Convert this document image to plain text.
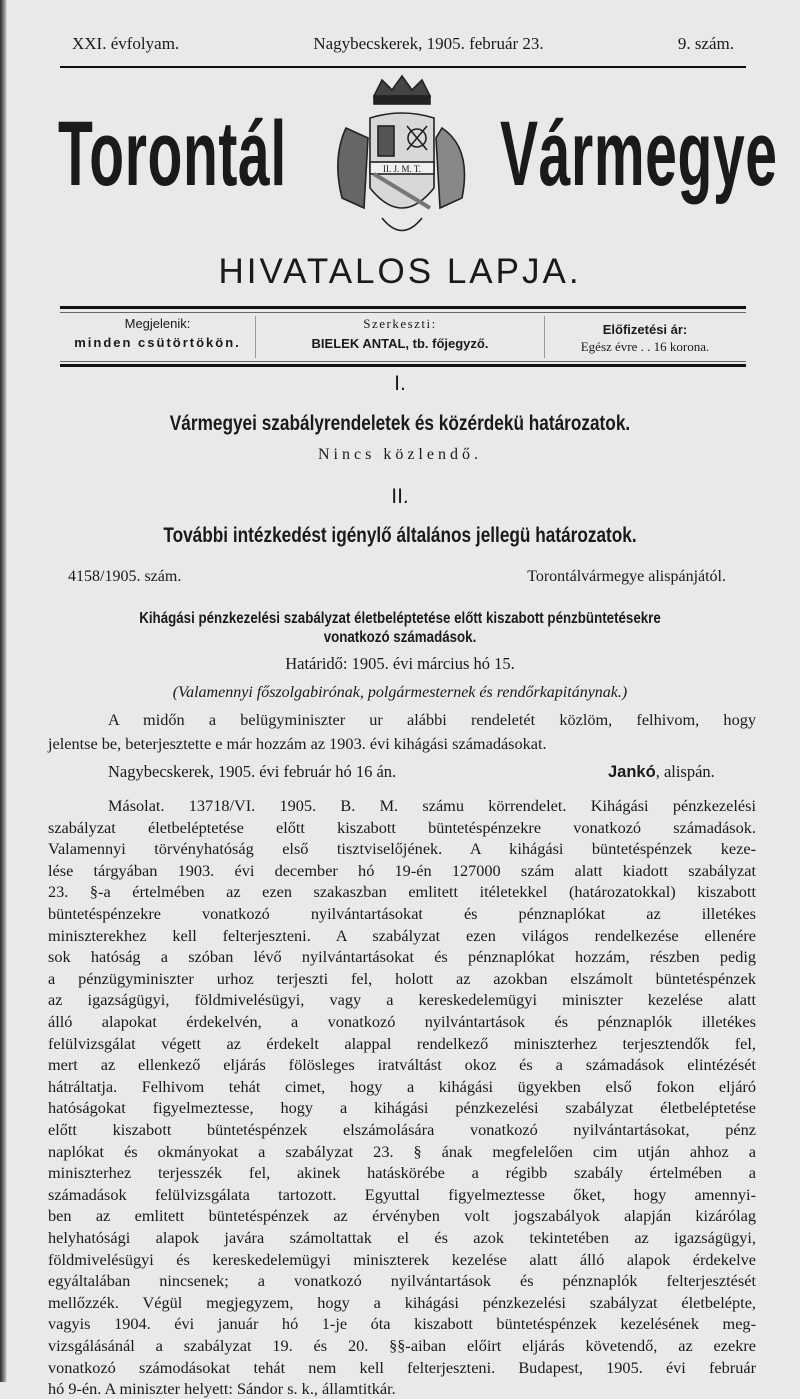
XXI. évfolyam.	Nagybecskerek, 1905. február 23.	9. szám.
Torontál Vármegye
II. J. M. T.
HIVATALOS LAPJA.
Megjelenik:
minden csütörtökön.
Szerkeszti:
BIELEK ANTAL, tb. főjegyző.
Előfizetési ár:
Egész évre . . 16 korona.
I.
Vármegyei szabályrendeletek és közérdekü határozatok.
Nincs közlendő.
II.
További intézkedést igénylő általános jellegü határozatok.
4158/1905. szám.	Torontálvármegye alispánjától.
Kihágási pénzkezelési szabályzat életbeléptetése előtt kiszabott pénzbüntetésekre
vonatkozó számadások.
Határidő: 1905. évi március hó 15.
(Valamennyi főszolgabirónak, polgármesternek és rendőrkapitánynak.)
A midőn a belügyminiszter ur alábbi rendeletét közlöm, felhivom, hogy
jelentse be, beterjesztette e már hozzám az 1903. évi kihágási számadásokat.
Nagybecskerek, 1905. évi február hó 16 án.	Jankó, alispán.
Másolat. 13718/VI. 1905. B. M. számu körrendelet. Kihágási pénzkezelési
szabályzat életbeléptetése előtt kiszabott büntetéspénzekre vonatkozó számadások.
Valamennyi törvényhatóság első tisztviselőjének. A kihágási büntetéspénzek keze-
lése tárgyában 1903. évi december hó 19-én 127000 szám alatt kiadott szabályzat
23. §-a értelmében az ezen szakaszban emlitett itéletekkel (határozatokkal) kiszabott
büntetéspénzekre vonatkozó nyilvántartásokat és pénznaplókat az illetékes
miniszterekhez kell felterjeszteni. A szabályzat ezen világos rendelkezése ellenére
sok hatóság a szóban lévő nyilvántartásokat és pénznaplókat hozzám, részben pedig
a pénzügyminiszter urhoz terjeszti fel, holott az azokban elszámolt büntetéspénzek
az igazságügyi, földmivelésügyi, vagy a kereskedelemügyi miniszter kezelése alatt
álló alapokat érdekelvén, a vonatkozó nyilvántartások és pénznaplók illetékes
felülvizsgálat végett az érdekelt alappal rendelkező miniszterhez terjesztendők fel,
mert az ellenkező eljárás fölösleges iratváltást okoz és a számadások elintézését
hátráltatja. Felhivom tehát cimet, hogy a kihágási ügyekben első fokon eljáró
hatóságokat figyelmeztesse, hogy a kihágási pénzkezelési szabályzat életbeléptetése
előtt kiszabott büntetéspénzek elszámolására vonatkozó nyilvántartásokat, pénz
naplókat és okmányokat a szabályzat 23. § ának megfelelően cim utján ahhoz a
miniszterhez terjesszék fel, akinek hatáskörébe a régibb szabály értelmében a
számadások felülvizsgálata tartozott. Egyuttal figyelmeztesse őket, hogy amennyi-
ben az emlitett büntetéspénzek az érvényben volt jogszabályok alapján kizárólag
helyhatósági alapok javára számoltattak el és azok tekintetében az igazságügyi,
földmivelésügyi és kereskedelemügyi miniszterek kezelése alatt álló alapok érdekelve
egyáltalában nincsenek; a vonatkozó nyilvántartások és pénznaplók felterjesztését
mellőzzék. Végül megjegyzem, hogy a kihágási pénzkezelési szabályzat életbelépte,
vagyis 1904. évi január hó 1-je óta kiszabott büntetéspénzek kezelésének meg-
vizsgálásánál a szabályzat 19. és 20. §§-aiban előirt eljárás követendő, az ezekre
vonatkozó számodásokat tehát nem kell felterjeszteni. Budapest, 1905. évi február
hó 9-én. A miniszter helyett: Sándor s. k., államtitkár.
